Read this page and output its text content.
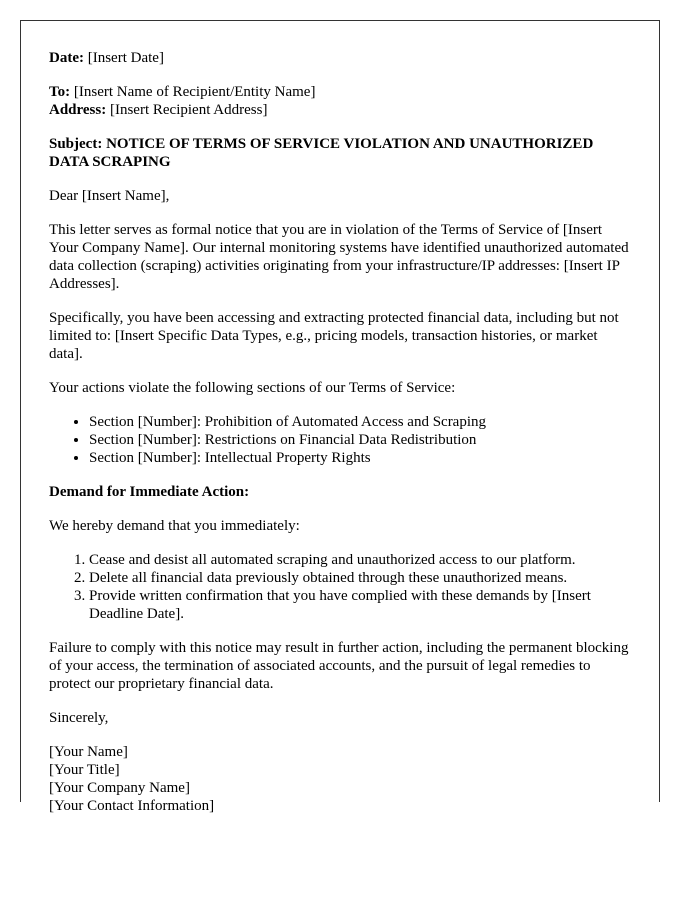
Date: [Insert Date]

To: [Insert Name of Recipient/Entity Name]
Address: [Insert Recipient Address]

Subject: NOTICE OF TERMS OF SERVICE VIOLATION AND UNAUTHORIZED DATA SCRAPING

Dear [Insert Name],

This letter serves as formal notice that you are in violation of the Terms of Service of [Insert Your Company Name]. Our internal monitoring systems have identified unauthorized automated data collection (scraping) activities originating from your infrastructure/IP addresses: [Insert IP Addresses].

Specifically, you have been accessing and extracting protected financial data, including but not limited to: [Insert Specific Data Types, e.g., pricing models, transaction histories, or market data].

Your actions violate the following sections of our Terms of Service:

• Section [Number]: Prohibition of Automated Access and Scraping
• Section [Number]: Restrictions on Financial Data Redistribution
• Section [Number]: Intellectual Property Rights

Demand for Immediate Action:

We hereby demand that you immediately:

1. Cease and desist all automated scraping and unauthorized access to our platform.
2. Delete all financial data previously obtained through these unauthorized means.
3. Provide written confirmation that you have complied with these demands by [Insert Deadline Date].

Failure to comply with this notice may result in further action, including the permanent blocking of your access, the termination of associated accounts, and the pursuit of legal remedies to protect our proprietary financial data.

Sincerely,

[Your Name]
[Your Title]
[Your Company Name]
[Your Contact Information]
